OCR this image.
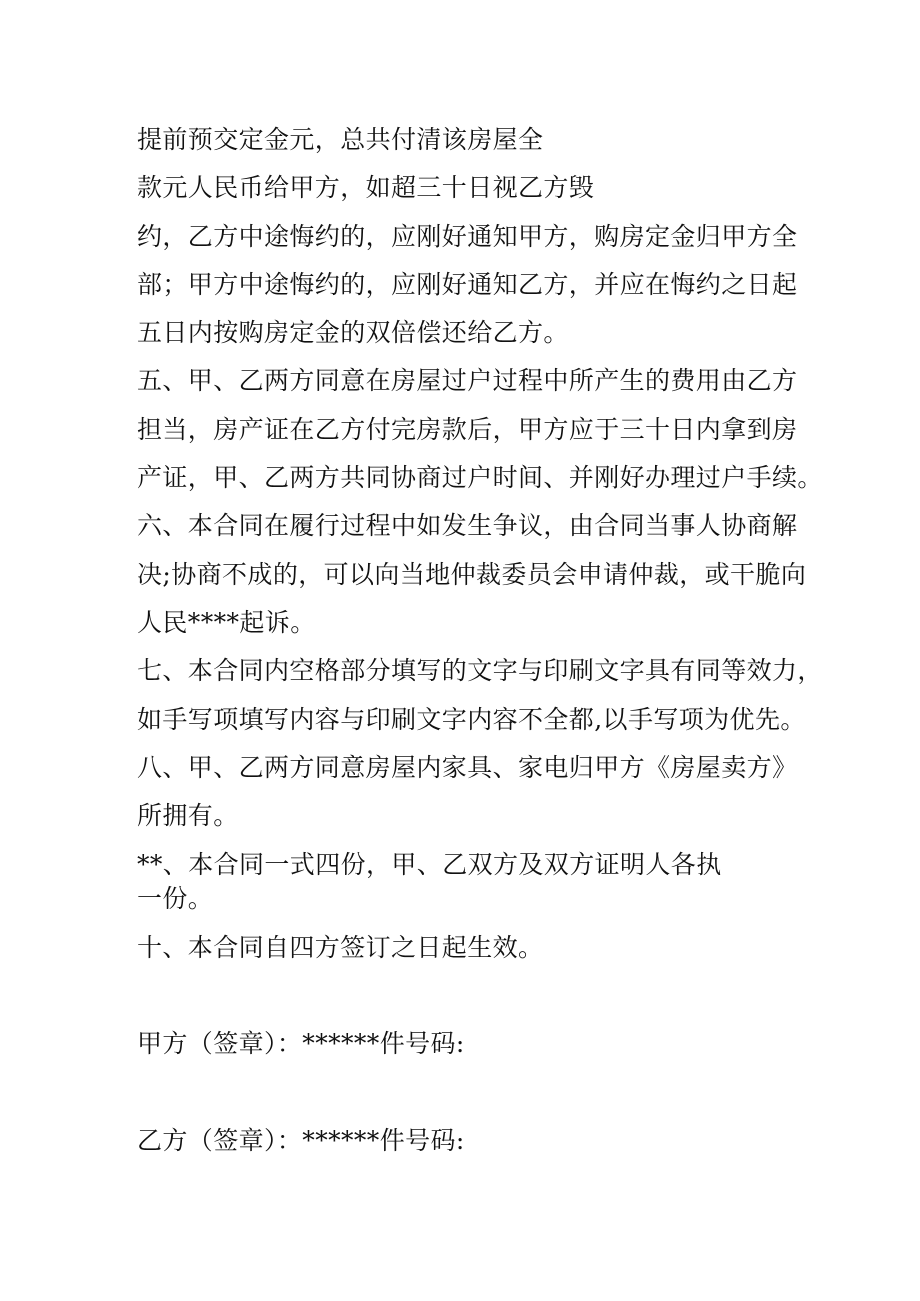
提前预交定金元，总共付清该房屋全
款元人民币给甲方，如超三十日视乙方毁
约，乙方中途悔约的，应刚好通知甲方，购房定金归甲方全
部；甲方中途悔约的，应刚好通知乙方，并应在悔约之日起
五日内按购房定金的双倍偿还给乙方。
五、甲、乙两方同意在房屋过户过程中所产生的费用由乙方
担当，房产证在乙方付完房款后，甲方应于三十日内拿到房
产证，甲、乙两方共同协商过户时间、并刚好办理过户手续。
六、本合同在履行过程中如发生争议，由合同当事人协商解
决;协商不成的，可以向当地仲裁委员会申请仲裁，或干脆向
人民****起诉。
七、本合同内空格部分填写的文字与印刷文字具有同等效力，
如手写项填写内容与印刷文字内容不全都,以手写项为优先。
八、甲、乙两方同意房屋内家具、家电归甲方《房屋卖方》
所拥有。
**、本合同一式四份，甲、乙双方及双方证明人各执
一份。
十、本合同自四方签订之日起生效。
甲方（签章）：******件号码:
乙方（签章）：******件号码:
